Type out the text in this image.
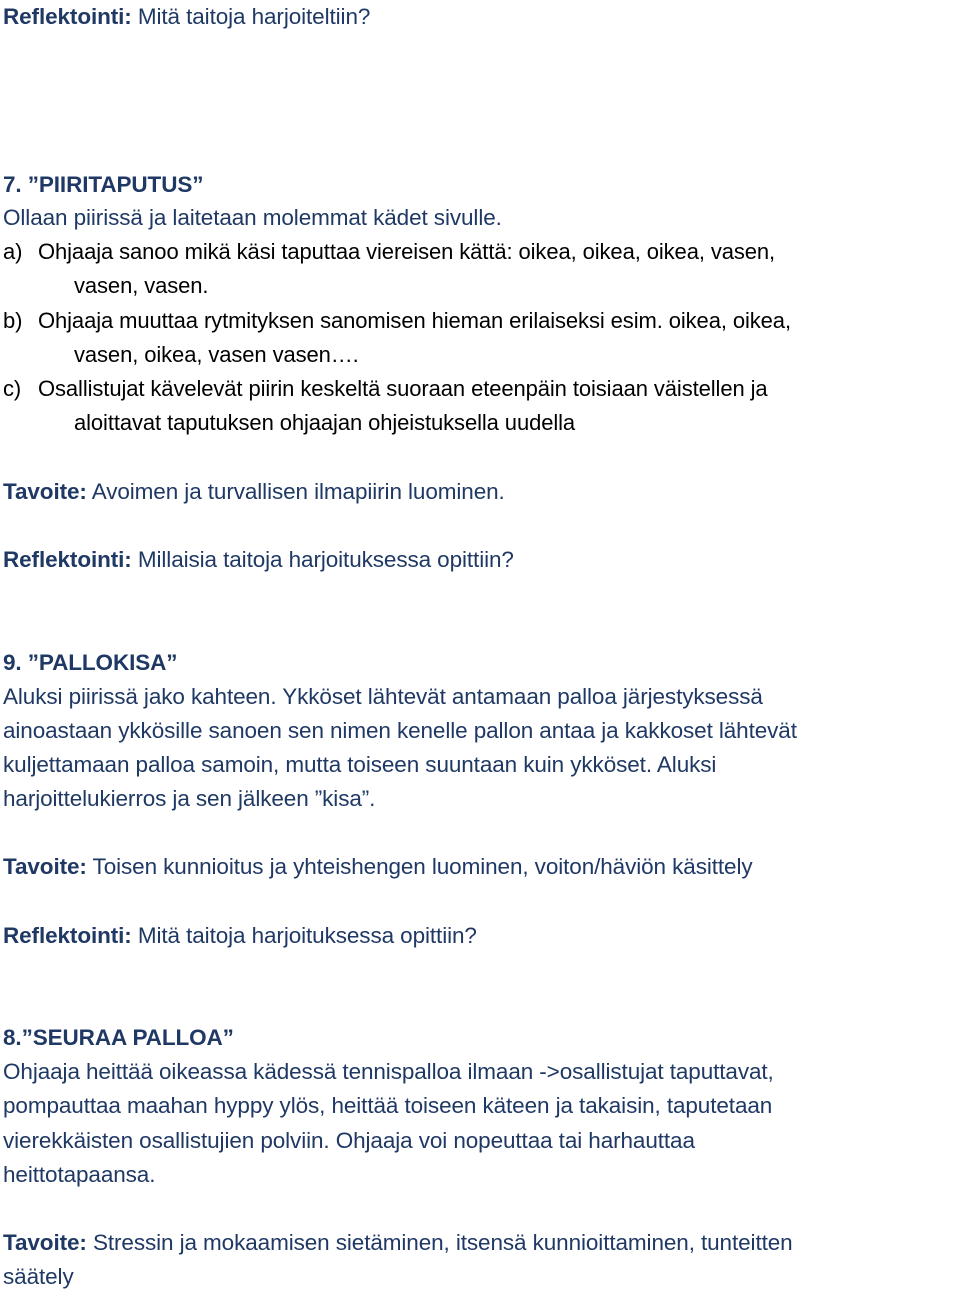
Reflektointi: Mitä taitoja harjoiteltiin?
7. ”PIIRITAPUTUS”
Ollaan piirissä ja laitetaan molemmat kädet sivulle.
a) Ohjaaja sanoo mikä käsi taputtaa viereisen kättä: oikea, oikea, oikea, vasen,
vasen, vasen.
b) Ohjaaja muuttaa rytmityksen sanomisen hieman erilaiseksi esim. oikea, oikea,
vasen, oikea, vasen vasen….
c) Osallistujat kävelevät piirin keskeltä suoraan eteenpäin toisiaan väistellen ja
aloittavat taputuksen ohjaajan ohjeistuksella uudella
Tavoite: Avoimen ja turvallisen ilmapiirin luominen.
Reflektointi: Millaisia taitoja harjoituksessa opittiin?
9. ”PALLOKISA”
Aluksi piirissä jako kahteen. Ykköset lähtevät antamaan palloa järjestyksessä
ainoastaan ykkösille sanoen sen nimen kenelle pallon antaa ja kakkoset lähtevät
kuljettamaan palloa samoin, mutta toiseen suuntaan kuin ykköset. Aluksi
harjoittelukierros ja sen jälkeen ”kisa”.
Tavoite: Toisen kunnioitus ja yhteishengen luominen, voiton/häviön käsittely
Reflektointi: Mitä taitoja harjoituksessa opittiin?
8.”SEURAA PALLOA”
Ohjaaja heittää oikeassa kädessä tennispalloa ilmaan ->osallistujat taputtavat,
pompauttaa maahan hyppy ylös, heittää toiseen käteen ja takaisin, taputetaan
vierekkäisten osallistujien polviin. Ohjaaja voi nopeuttaa tai harhauttaa
heittotapaansa.
Tavoite: Stressin ja mokaamisen sietäminen, itsensä kunnioittaminen, tunteitten
säätely
